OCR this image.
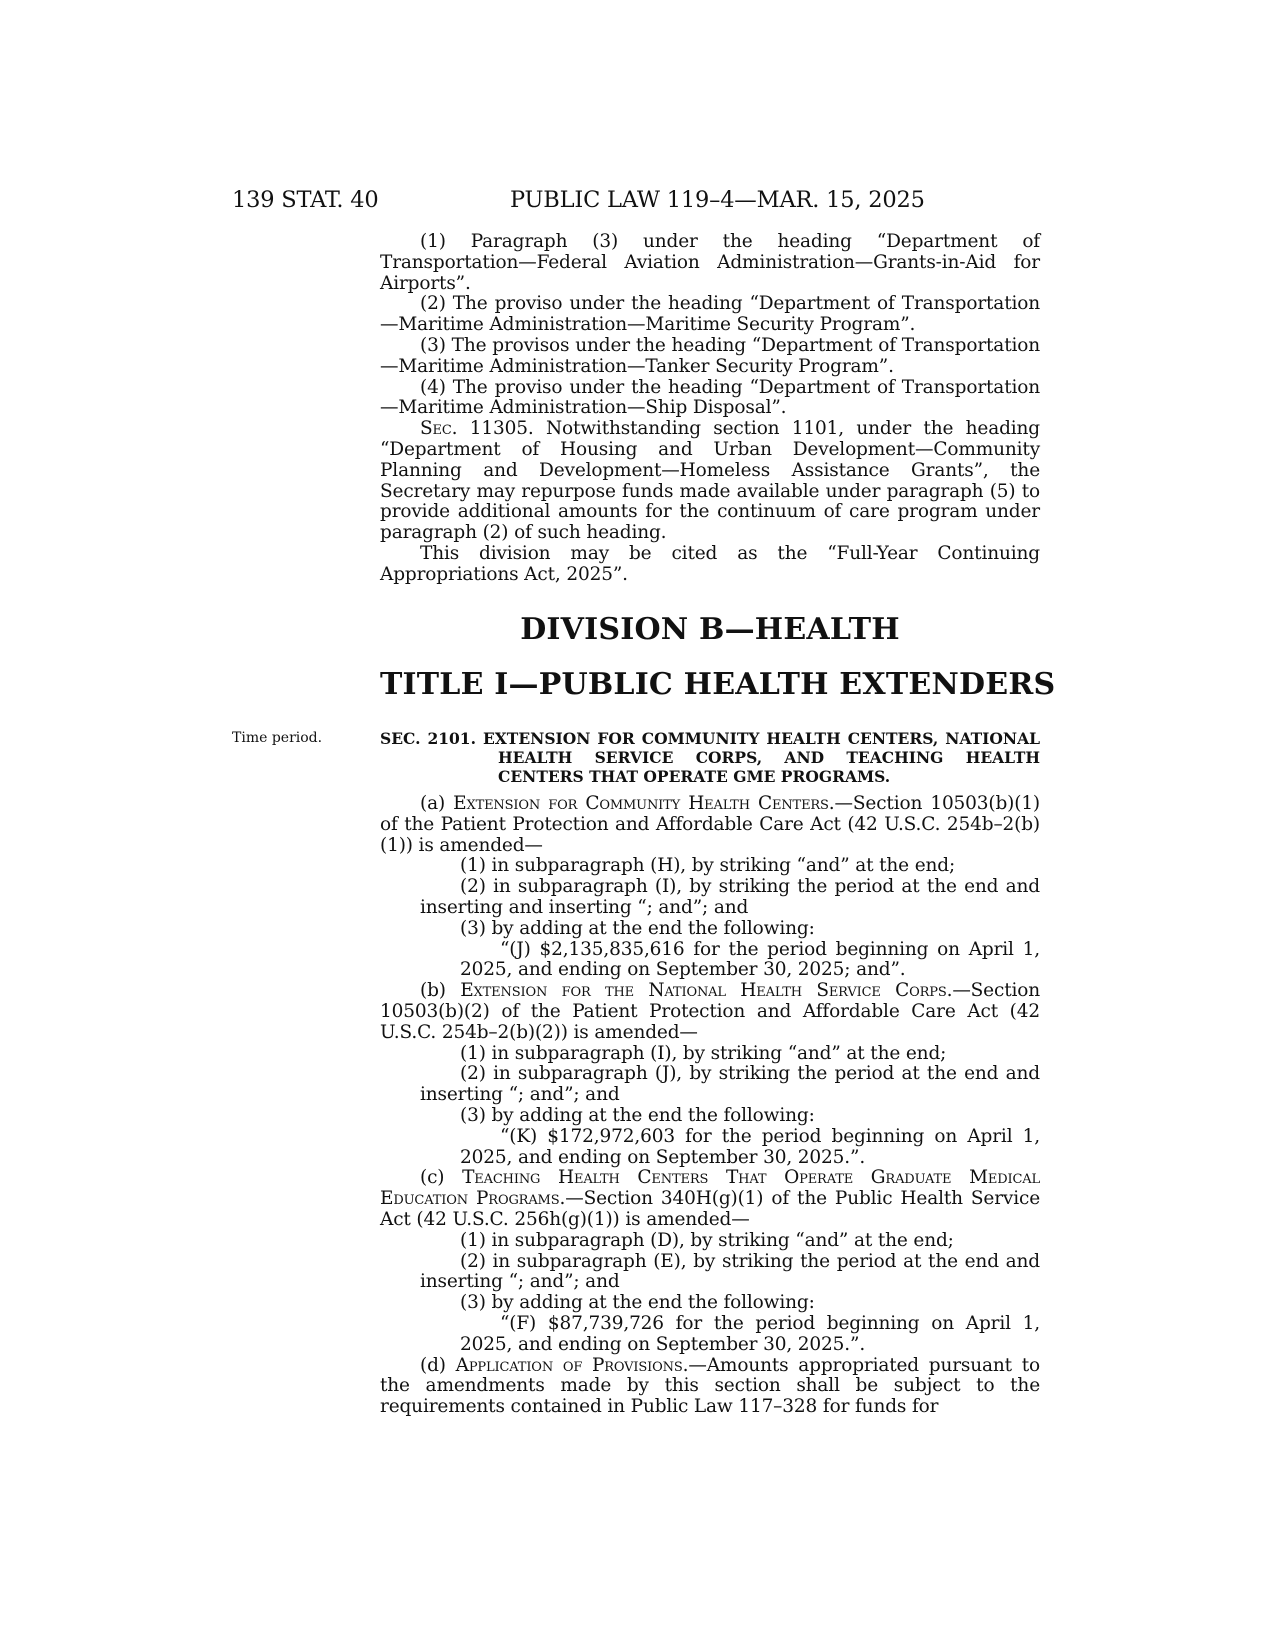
139 STAT. 40	PUBLIC LAW 119–4—MAR. 15, 2025

(1) Paragraph (3) under the heading “Department of Transportation—Federal Aviation Administration—Grants-in-Aid for Airports”.

(2) The proviso under the heading “Department of Transportation—Maritime Administration—Maritime Security Program”.

(3) The provisos under the heading “Department of Transportation—Maritime Administration—Tanker Security Program”.

(4) The proviso under the heading “Department of Transportation—Maritime Administration—Ship Disposal”.

Sec. 11305. Notwithstanding section 1101, under the heading “Department of Housing and Urban Development—Community Planning and Development—Homeless Assistance Grants”, the Secretary may repurpose funds made available under paragraph (5) to provide additional amounts for the continuum of care program under paragraph (2) of such heading.

This division may be cited as the “Full-Year Continuing Appropriations Act, 2025”.

DIVISION B—HEALTH
TITLE I—PUBLIC HEALTH EXTENDERS
Time period.	SEC. 2101. EXTENSION FOR COMMUNITY HEALTH CENTERS, NATIONAL HEALTH SERVICE CORPS, AND TEACHING HEALTH CENTERS THAT OPERATE GME PROGRAMS.

(a) Extension for Community Health Centers.—Section 10503(b)(1) of the Patient Protection and Affordable Care Act (42 U.S.C. 254b–2(b)(1)) is amended—

(1) in subparagraph (H), by striking “and” at the end;

(2) in subparagraph (I), by striking the period at the end and inserting and inserting “; and”; and

(3) by adding at the end the following:

“(J) $2,135,835,616 for the period beginning on April 1, 2025, and ending on September 30, 2025; and”.

(b) Extension for the National Health Service Corps.—Section 10503(b)(2) of the Patient Protection and Affordable Care Act (42 U.S.C. 254b–2(b)(2)) is amended—

(1) in subparagraph (I), by striking “and” at the end;

(2) in subparagraph (J), by striking the period at the end and inserting “; and”; and

(3) by adding at the end the following:

“(K) $172,972,603 for the period beginning on April 1, 2025, and ending on September 30, 2025.”.

(c) Teaching Health Centers That Operate Graduate Medical Education Programs.—Section 340H(g)(1) of the Public Health Service Act (42 U.S.C. 256h(g)(1)) is amended—

(1) in subparagraph (D), by striking “and” at the end;

(2) in subparagraph (E), by striking the period at the end and inserting “; and”; and

(3) by adding at the end the following:

“(F) $87,739,726 for the period beginning on April 1, 2025, and ending on September 30, 2025.”.

(d) Application of Provisions.—Amounts appropriated pursuant to the amendments made by this section shall be subject to the requirements contained in Public Law 117–328 for funds for
